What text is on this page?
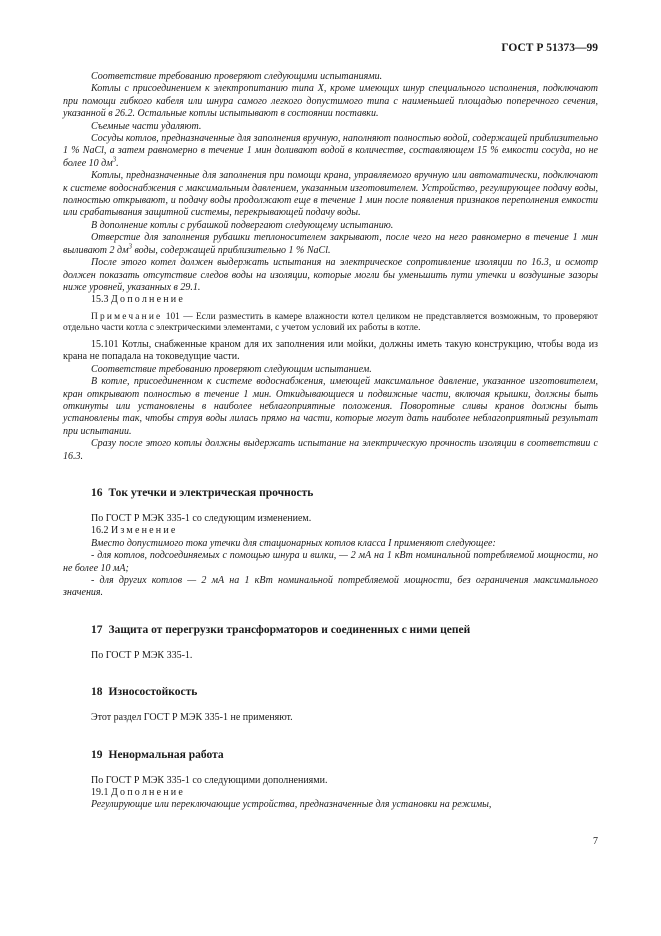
ГОСТ Р 51373—99

Соответствие требованию проверяют следующими испытаниями.

Котлы с присоединением к электропитанию типа X, кроме имеющих шнур специального исполнения, подключают при помощи гибкого кабеля или шнура самого легкого допустимого типа с наименьшей площадью поперечного сечения, указанной в 26.2. Остальные котлы испытывают в состоянии поставки.

Съемные части удаляют.

Сосуды котлов, предназначенные для заполнения вручную, наполняют полностью водой, содержащей приблизительно 1 % NaCl, а затем равномерно в течение 1 мин доливают водой в количестве, составляющем 15 % емкости сосуда, но не более 10 $дм^3$.

Котлы, предназначенные для заполнения при помощи крана, управляемого вручную или автоматически, подключают к системе водоснабжения с максимальным давлением, указанным изготовителем. Устройство, регулирующее подачу воды, полностью открывают, и подачу воды продолжают еще в течение 1 мин после появления признаков переполнения емкости или срабатывания защитной системы, перекрывающей подачу воды.

В дополнение котлы с рубашкой подвергают следующему испытанию.

Отверстие для заполнения рубашки теплоносителем закрывают, после чего на него равномерно в течение 1 мин выливают 2 $дм^3$ воды, содержащей приблизительно 1 % NaCl.

После этого котел должен выдержать испытания на электрическое сопротивление изоляции по 16.3, и осмотр должен показать отсутствие следов воды на изоляции, которые могли бы уменьшить пути утечки и воздушные зазоры ниже уровней, указанных в 29.1.

15.3 Дополнение

Примечание 101 — Если разместить в камере влажности котел целиком не представляется возможным, то проверяют отдельно части котла с электрическими элементами, с учетом условий их работы в котле.

15.101 Котлы, снабженные краном для их заполнения или мойки, должны иметь такую конструкцию, чтобы вода из крана не попадала на токоведущие части.

Соответствие требованию проверяют следующим испытанием.

В котле, присоединенном к системе водоснабжения, имеющей максимальное давление, указанное изготовителем, кран открывают полностью в течение 1 мин. Откидывающиеся и подвижные части, включая крышки, должны быть откинуты или установлены в наиболее неблагоприятные положения. Поворотные сливы кранов должны быть установлены так, чтобы струя воды лилась прямо на части, которые могут дать наиболее неблагоприятный результат при испытании.

Сразу после этого котлы должны выдержать испытание на электрическую прочность изоляции в соответствии с 16.3.

16 Ток утечки и электрическая прочность

По ГОСТ Р МЭК 335-1 со следующим изменением.

16.2 Изменение

Вместо допустимого тока утечки для стационарных котлов класса I применяют следующее:

- для котлов, подсоединяемых с помощью шнура и вилки, — 2 мА на 1 кВт номинальной потребляемой мощности, но не более 10 мА;

- для других котлов — 2 мА на 1 кВт номинальной потребляемой мощности, без ограничения максимального значения.

17 Защита от перегрузки трансформаторов и соединенных с ними цепей

По ГОСТ Р МЭК 335-1.

18 Износостойкость

Этот раздел ГОСТ Р МЭК 335-1 не применяют.

19 Ненормальная работа

По ГОСТ Р МЭК 335-1 со следующими дополнениями.

19.1 Дополнение

Регулирующие или переключающие устройства, предназначенные для установки на режимы,

7
